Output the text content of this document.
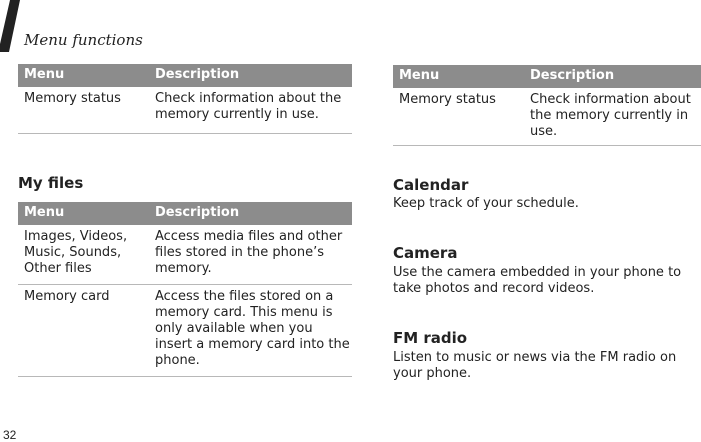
Menu functions
Menu	Description
Memory status	Check information about the memory currently in use.
My files
Menu	Description
Images, Videos, Music, Sounds, Other files	Access media files and other files stored in the phone’s memory.
Memory card	Access the files stored on a memory card. This menu is only available when you insert a memory card into the phone.
Menu	Description
Memory status	Check information about the memory currently in use.
Calendar
Keep track of your schedule.
Camera
Use the camera embedded in your phone to take photos and record videos.
FM radio
Listen to music or news via the FM radio on your phone.
32
